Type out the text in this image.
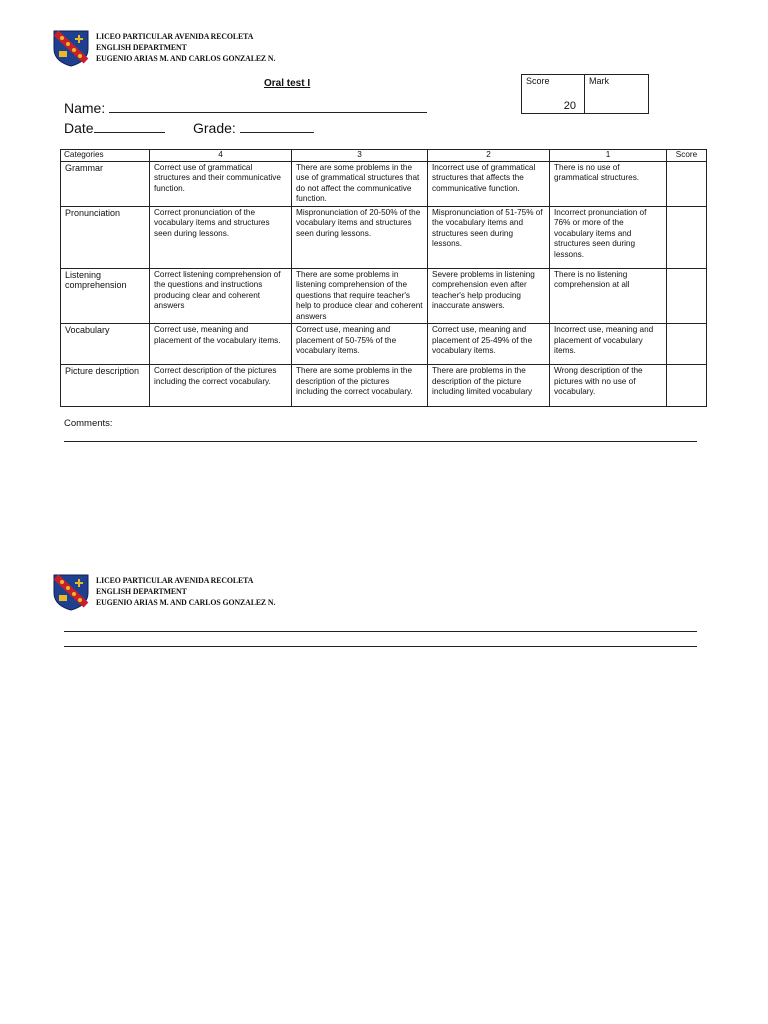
LICEO PARTICULAR AVENIDA RECOLETA
ENGLISH DEPARTMENT
EUGENIO ARIAS M. AND CARLOS GONZALEZ N.
Oral test I	Score
20
Mark
Name:
Date	Grade:
Categories	4	3	2	1	Score
Grammar	Correct use of grammatical structures and their communicative function.	There are some problems in the use of grammatical structures that do not affect the communicative function.	Incorrect use of grammatical structures that affects the communicative function.	There is no use of grammatical structures.	
Pronunciation	Correct pronunciation of the vocabulary items and structures seen during lessons.	Mispronunciation of 20-50% of the vocabulary items and structures seen during lessons.	Mispronunciation of 51-75% of the vocabulary items and structures seen during lessons.	Incorrect pronunciation of 76% or more of the vocabulary items and structures seen during lessons.	
Listening comprehension	Correct listening comprehension of the questions and instructions producing clear and coherent answers	There are some problems in listening comprehension of the questions that require teacher's help to produce clear and coherent answers	Severe problems in listening comprehension even after teacher's help producing inaccurate answers.	There is no listening comprehension at all	
Vocabulary	Correct use, meaning and placement of the vocabulary items.	Correct use, meaning and placement of 50-75% of the vocabulary items.	Correct use, meaning and placement of 25-49% of the vocabulary items.	Incorrect use, meaning and placement of vocabulary items.	
Picture description	Correct description of the pictures including the correct vocabulary.	There are some problems in the description of the pictures including the correct vocabulary.	There are problems in the description of the picture including limited vocabulary	Wrong description of the pictures with no use of vocabulary.	
Comments:
LICEO PARTICULAR AVENIDA RECOLETA
ENGLISH DEPARTMENT
EUGENIO ARIAS M. AND CARLOS GONZALEZ N.
